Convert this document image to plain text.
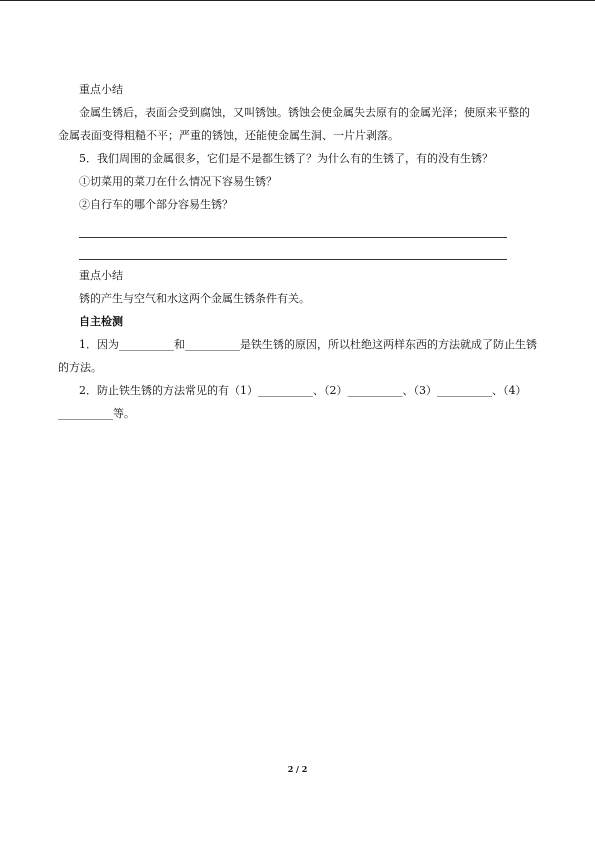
重点小结

金属生锈后，表面会受到腐蚀，又叫锈蚀。锈蚀会使金属失去原有的金属光泽；使原来平整的金属表面变得粗糙不平；严重的锈蚀，还能使金属生洞、一片片剥落。

5．我们周围的金属很多，它们是不是都生锈了？为什么有的生锈了，有的没有生锈？

①切菜用的菜刀在什么情况下容易生锈？

②自行车的哪个部分容易生锈？

重点小结

锈的产生与空气和水这两个金属生锈条件有关。

自主检测

1．因为__________和__________是铁生锈的原因，所以杜绝这两样东西的方法就成了防止生锈的方法。

2．防止铁生锈的方法常见的有（1）__________、（2）__________、（3）__________、（4）__________等。

2 / 2
